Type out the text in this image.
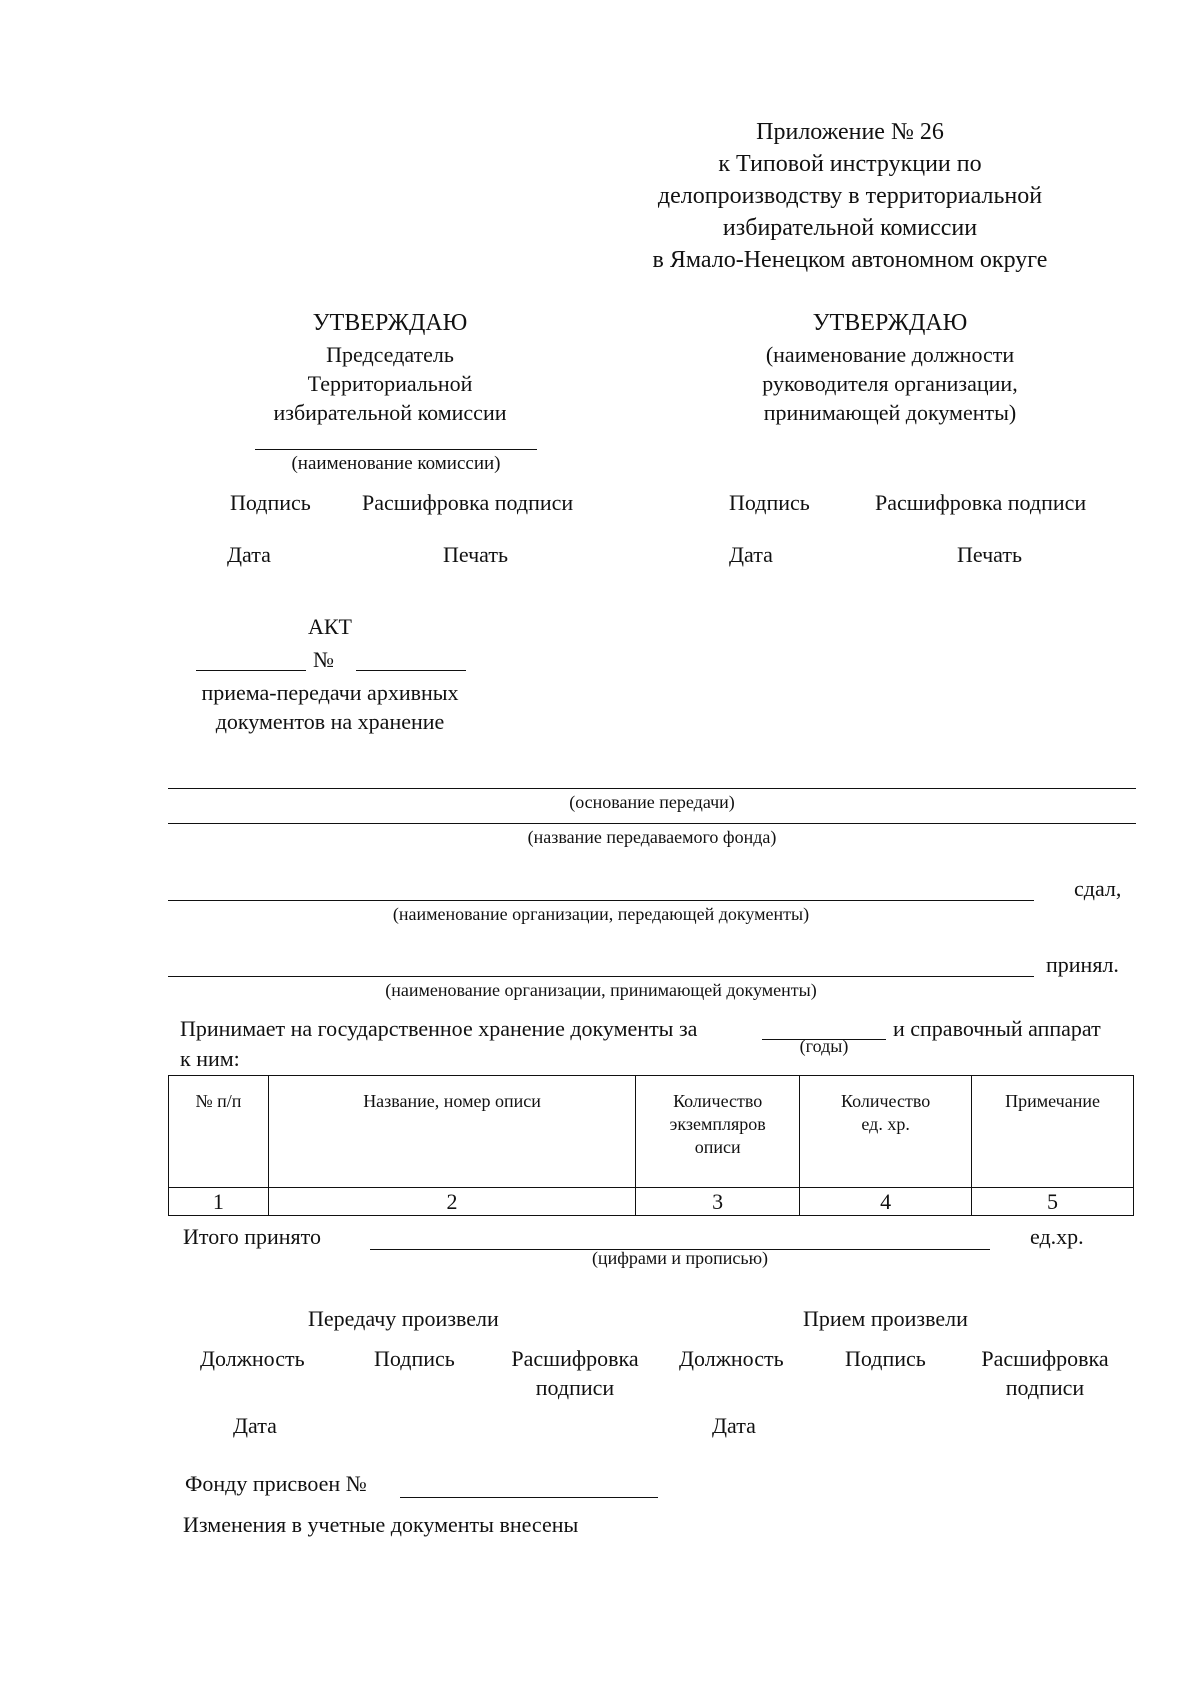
Приложение № 26
к Типовой инструкции по
делопроизводству в территориальной
избирательной комиссии
в Ямало-Ненецком автономном округе
УТВЕРЖДАЮ
Председатель
Территориальной
избирательной комиссии
(наименование комиссии)
Подпись Расшифровка подписи
Дата	Печать
УТВЕРЖДАЮ
(наименование должности
руководителя организации,
принимающей документы)
Подпись	Расшифровка подписи
Дата	Печать
АКТ
№
приема-передачи архивных
документов на хранение
(основание передачи)
(название передаваемого фонда)
сдал,
(наименование организации, передающей документы)
принял.
(наименование организации, принимающей документы)
Принимает на государственное хранение документы за
(годы)
и справочный аппарат
к ним:
№ п/п	Название, номер описи	Количество экземпляров описи	Количество ед. хр.	Примечание
1	2	3	4	5
Итого принято
(цифрами и прописью)
ед.хр.
Передачу произвели	Прием произвели
Должность	Подпись	Расшифровка
подписи
Должность	Подпись	Расшифровка
подписи
Дата	Дата
Фонду присвоен №
Изменения в учетные документы внесены
